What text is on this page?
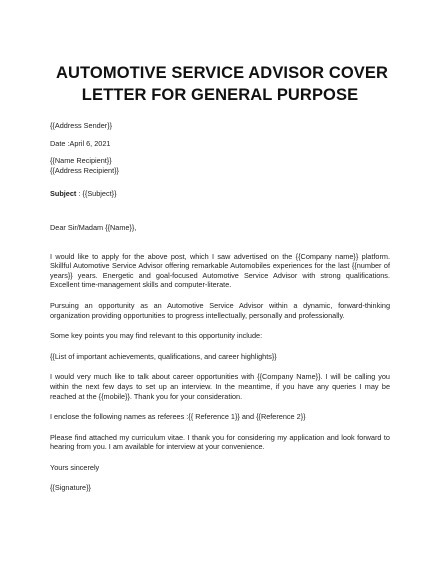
AUTOMOTIVE SERVICE ADVISOR COVER
LETTER FOR GENERAL PURPOSE
{{Address Sender}}
Date :April 6, 2021
{{Name Recipient}}
{{Address Recipient}}
Subject : {{Subject}}
Dear Sir/Madam {{Name}},

I would like to apply for the above post, which I saw advertised on the {{Company name}} platform. Skillful Automotive Service Advisor offering remarkable Automobiles experiences for the last {{number of years}} years. Energetic and goal-focused Automotive Service Advisor with strong qualifications. Excellent time-management skills and computer-literate.

Pursuing an opportunity as an Automotive Service Advisor within a dynamic, forward-thinking organization providing opportunities to progress intellectually, personally and professionally.

Some key points you may find relevant to this opportunity include:

{{List of important achievements, qualifications, and career highlights}}

I would very much like to talk about career opportunities with {{Company Name}}. I will be calling you within the next few days to set up an interview. In the meantime, if you have any queries I may be reached at the {{mobile}}. Thank you for your consideration.

I enclose the following names as referees :{{ Reference 1}} and {{Reference 2}}

Please find attached my curriculum vitae. I thank you for considering my application and look forward to hearing from you. I am available for interview at your convenience.

Yours sincerely
{{Signature}}
